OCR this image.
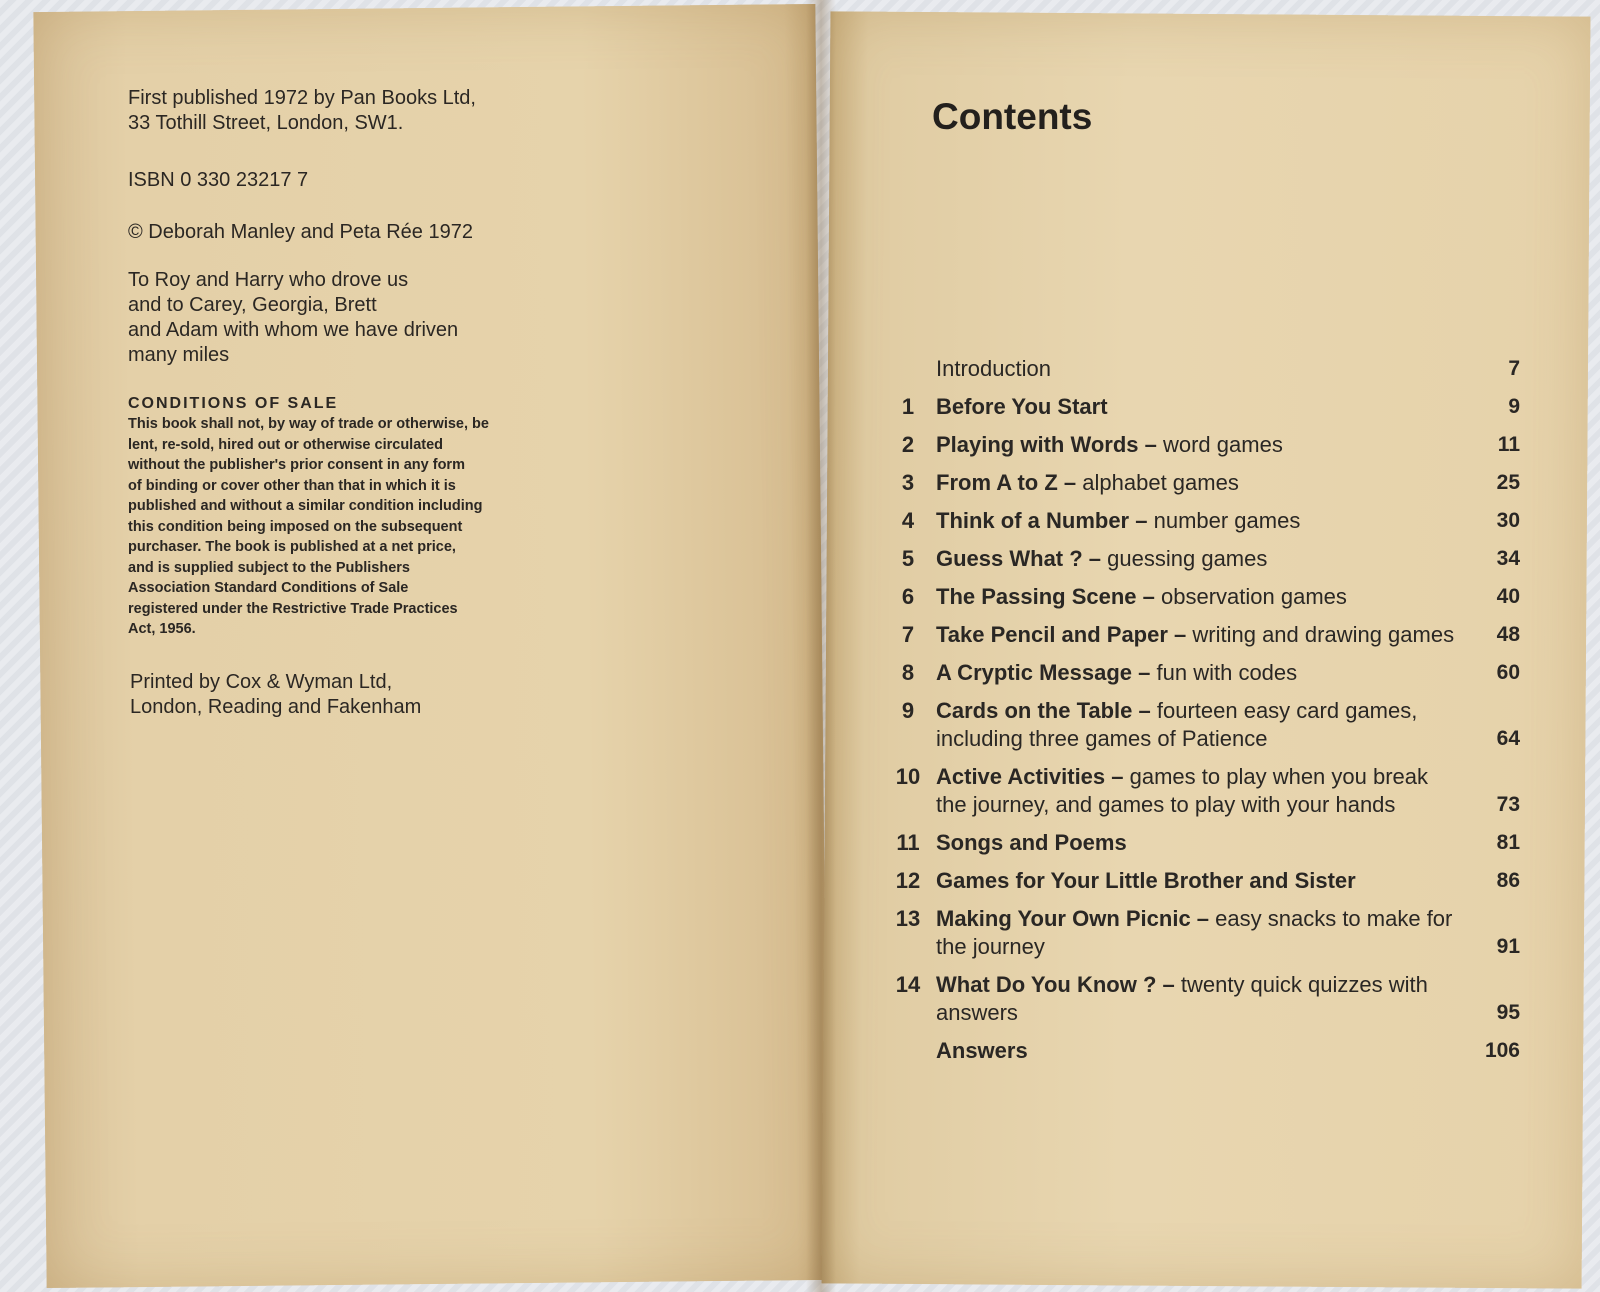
First published 1972 by Pan Books Ltd,
33 Tothill Street, London, SW1.
ISBN 0 330 23217 7
© Deborah Manley and Peta Rée 1972
To Roy and Harry who drove us
and to Carey, Georgia, Brett
and Adam with whom we have driven
many miles
CONDITIONS OF SALE
This book shall not, by way of trade or otherwise, be
lent, re-sold, hired out or otherwise circulated
without the publisher's prior consent in any form
of binding or cover other than that in which it is
published and without a similar condition including
this condition being imposed on the subsequent
purchaser. The book is published at a net price,
and is supplied subject to the Publishers
Association Standard Conditions of Sale
registered under the Restrictive Trade Practices
Act, 1956.
Printed by Cox & Wyman Ltd,
London, Reading and Fakenham
Contents
Introduction	7
1 Before You Start	9
2 Playing with Words – word games	11
3 From A to Z – alphabet games	25
4 Think of a Number – number games	30
5 Guess What ? – guessing games	34
6 The Passing Scene – observation games	40
7 Take Pencil and Paper – writing and drawing games	48
8 A Cryptic Message – fun with codes	60
9 Cards on the Table – fourteen easy card games, including three games of Patience	64
10 Active Activities – games to play when you break the journey, and games to play with your hands	73
11 Songs and Poems	81
12 Games for Your Little Brother and Sister	86
13 Making Your Own Picnic – easy snacks to make for the journey	91
14 What Do You Know ? – twenty quick quizzes with answers	95
Answers	106
